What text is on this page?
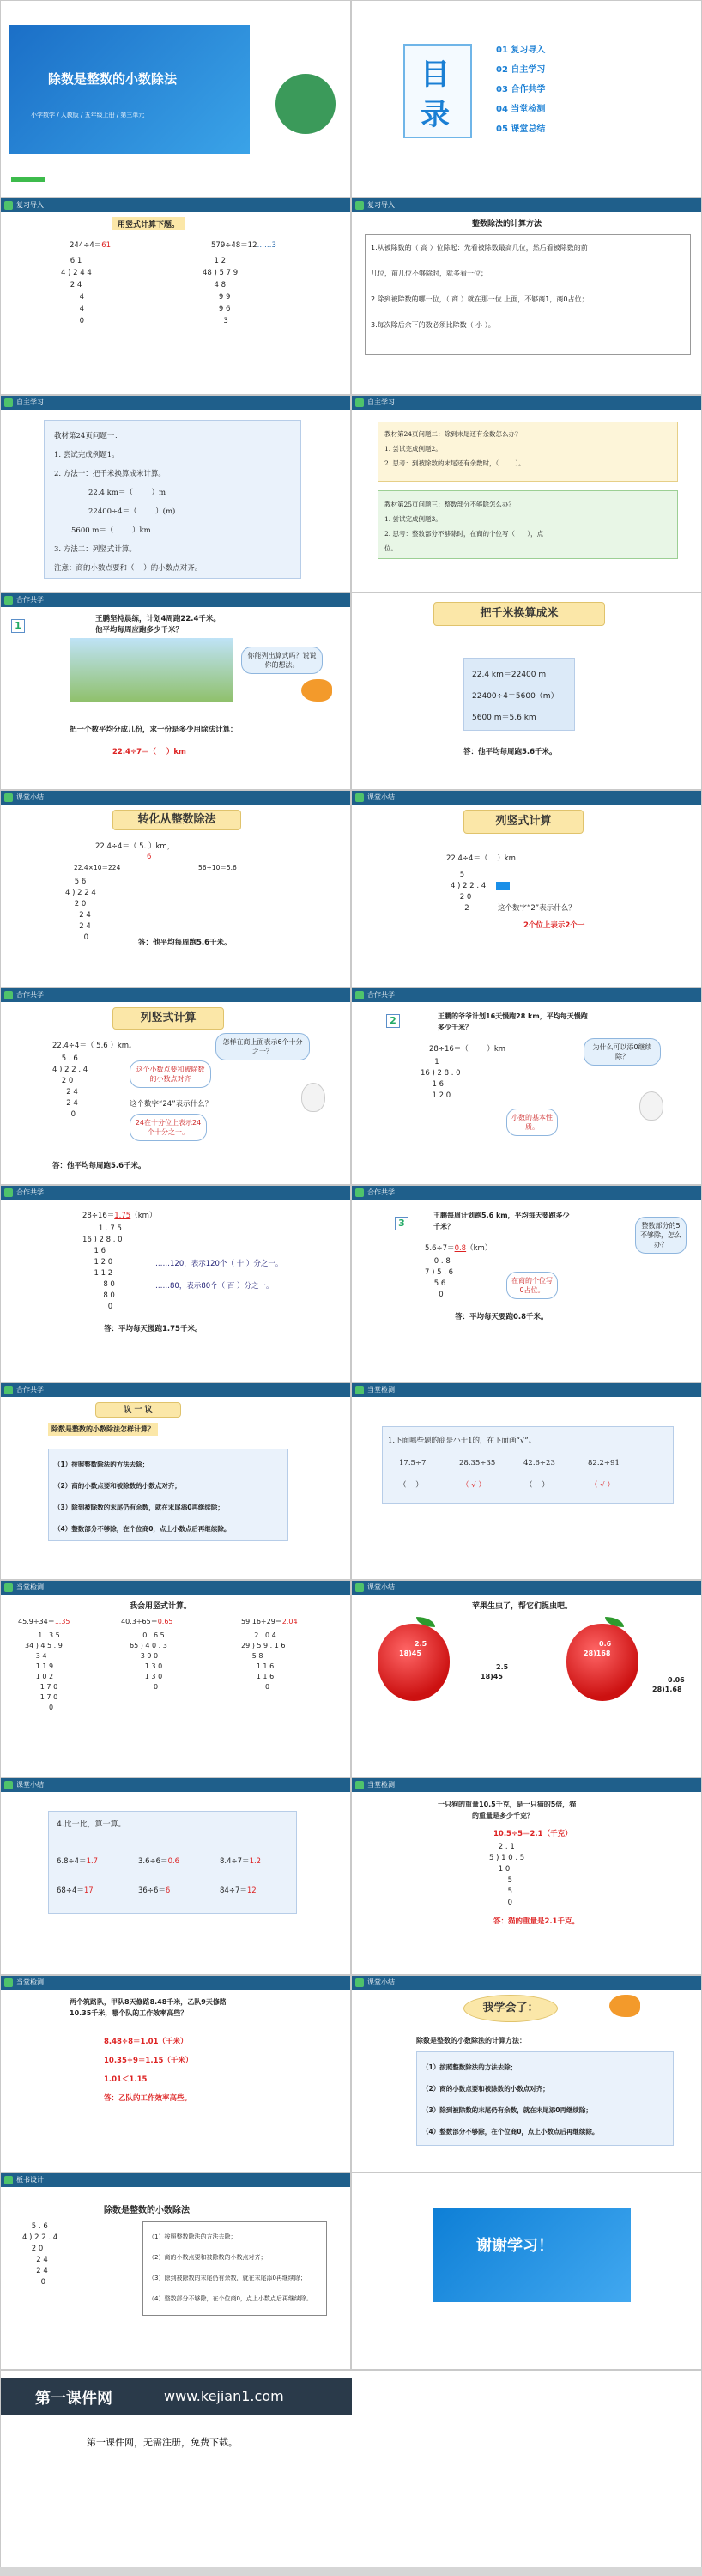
除数是整数的小数除法
小学数学 / 人教版 / 五年级上册 / 第三单元
目
录
01 复习导入
02 自主学习
03 合作共学
04 当堂检测
05 课堂总结
复习导入
用竖式计算下题。
244÷4＝61	579÷48＝12……3
6 1
4 ) 2 4 4
2 4
4
4
0
1 2
48 ) 5 7 9
4 8
9 9
9 6
3
复习导入
整数除法的计算方法
1.从被除数的（ 高 ）位除起：先看被除数最高几位，然后看被除数的前
几位，前几位不够除时，就多看一位；
2.除到被除数的哪一位，（ 商 ）就在那一位 上面，不够商1，商0占位；
3.每次除后余下的数必须比除数（ 小 ）。
自主学习
教材第24页问题一：
1. 尝试完成例题1。
2. 方法一：把千米换算成米计算。
22.4 km＝（        ）m
22400÷4＝（        ）(m)
5600 m＝（        ）km
3. 方法二：列竖式计算。
注意：商的小数点要和（    ）的小数点对齐。
自主学习
教材第24页问题二：除到末尾还有余数怎么办？
1. 尝试完成例题2。
2. 思考：到被除数的末尾还有余数时，（        ）。
教材第25页问题三：整数部分不够除怎么办？
1. 尝试完成例题3。
2. 思考：整数部分不够除时，在商的个位写（      ），点
位。
合作共学
1
王鹏坚持晨练，计划4周跑22.4千米。
他平均每周应跑多少千米？
你能列出算式吗？说说你的想法。
把一个数平均分成几份，求一份是多少用除法计算：
22.4÷7＝（    ）km
把千米换算成米
22.4 km＝22400 m
22400÷4＝5600（m）
5600 m＝5.6 km
答：他平均每周跑5.6千米。
课堂小结
转化从整数除法
22.4÷4＝（ 5. ）km，
6
22.4×10＝224	56÷10＝5.6
5 6
4 ) 2 2 4
2 0
2 4
2 4
0
答：他平均每周跑5.6千米。
课堂小结
列竖式计算
22.4÷4＝（    ）km
5
4 ) 2 2 . 4
2 0
2	这个数字“2”表示什么？
2个位上表示2个一
合作共学
列竖式计算
22.4÷4＝（ 5.6 ）km。	怎样在商上面表示6个十分之一？
5 . 6
4 ) 2 2 . 4
2 0
2 4
2 4
0
这个小数点要和被除数的小数点对齐
这个数字“24”表示什么？
24在十分位上表示24个十分之一。
答：他平均每周跑5.6千米。
合作共学
2	王鹏的爷爷计划16天慢跑28 km，平均每天慢跑
多少千米？
28÷16＝（        ）km
1
16 ) 2 8 . 0
1 6
1 2 0
为什么可以添0继续除？
小数的基本性质。
合作共学
28÷16＝1.75（km）
1 . 7 5
16 ) 2 8 . 0
1 6
1 2 0
1 1 2
8 0
8 0
0
……120，表示120个（ 十 ）分之一。
……80，表示80个（ 百 ）分之一。
答：平均每天慢跑1.75千米。
合作共学
3
王鹏每周计划跑5.6 km，平均每天要跑多少
千米？
5.6÷7＝0.8（km）
0 . 8
7 ) 5 . 6
5 6
0
整数部分的5不够除，怎么办？
在商的个位写0占位。
答：平均每天要跑0.8千米。
合作共学
议 一 议
除数是整数的小数除法怎样计算？
（1）按照整数除法的方法去除；
（2）商的小数点要和被除数的小数点对齐；
（3）除到被除数的末尾仍有余数，就在末尾添0再继续除；
（4）整数部分不够除，在个位商0，点上小数点后再继续除。
当堂检测
1.下面哪些题的商是小于1的，在下面画“√”。
17.5÷7	28.35÷35	42.6÷23	82.2÷91
（    ）	（ √ ）	（    ）	（ √ ）
当堂检测
我会用竖式计算。
45.9÷34＝1.35	40.3÷65＝0.65	59.16÷29＝2.04
1 . 3 5
34 ) 4 5 . 9
3 4
1 1 9
1 0 2
1 7 0
1 7 0
0
0 . 6 5
65 ) 4 0 . 3
3 9 0
1 3 0
1 3 0
0
2 . 0 4
29 ) 5 9 . 1 6
5 8
1 1 6
1 1 6
0
课堂小结
苹果生虫了，帮它们捉虫吧。
2.5
18)45
2.5
18)45
0.6
28)168
0.06
28)1.68
课堂小结
4.比一比，算一算。
6.8÷4＝1.7
68÷4＝17
3.6÷6＝0.6
36÷6＝6
8.4÷7＝1.2
84÷7＝12
当堂检测
一只狗的重量10.5千克，是一只猫的5倍，猫
的重量是多少千克？
10.5÷5＝2.1（千克）
2 . 1
5 ) 1 0 . 5
1 0
5
5
0
答：猫的重量是2.1千克。
当堂检测
两个筑路队，甲队8天修路8.48千米，乙队9天修路
10.35千米，哪个队的工作效率高些？
8.48÷8＝1.01（千米）
10.35÷9＝1.15（千米）
1.01＜1.15
答：乙队的工作效率高些。
课堂小结
我学会了：
除数是整数的小数除法的计算方法：
（1）按照整数除法的方法去除；
（2）商的小数点要和被除数的小数点对齐；
（3）除到被除数的末尾仍有余数，就在末尾添0再继续除；
（4）整数部分不够除，在个位商0，点上小数点后再继续除。
板书设计
除数是整数的小数除法
5 . 6
4 ) 2 2 . 4
2 0
2 4
2 4
0
（1）按照整数除法的方法去除；
（2）商的小数点要和被除数的小数点对齐；
（3）除到被除数的末尾仍有余数，就在末尾添0再继续除；
（4）整数部分不够除，在个位商0，点上小数点后再继续除。
谢谢学习！
第一课件网	www.kejian1.com
第一课件网，无需注册，免费下载。
